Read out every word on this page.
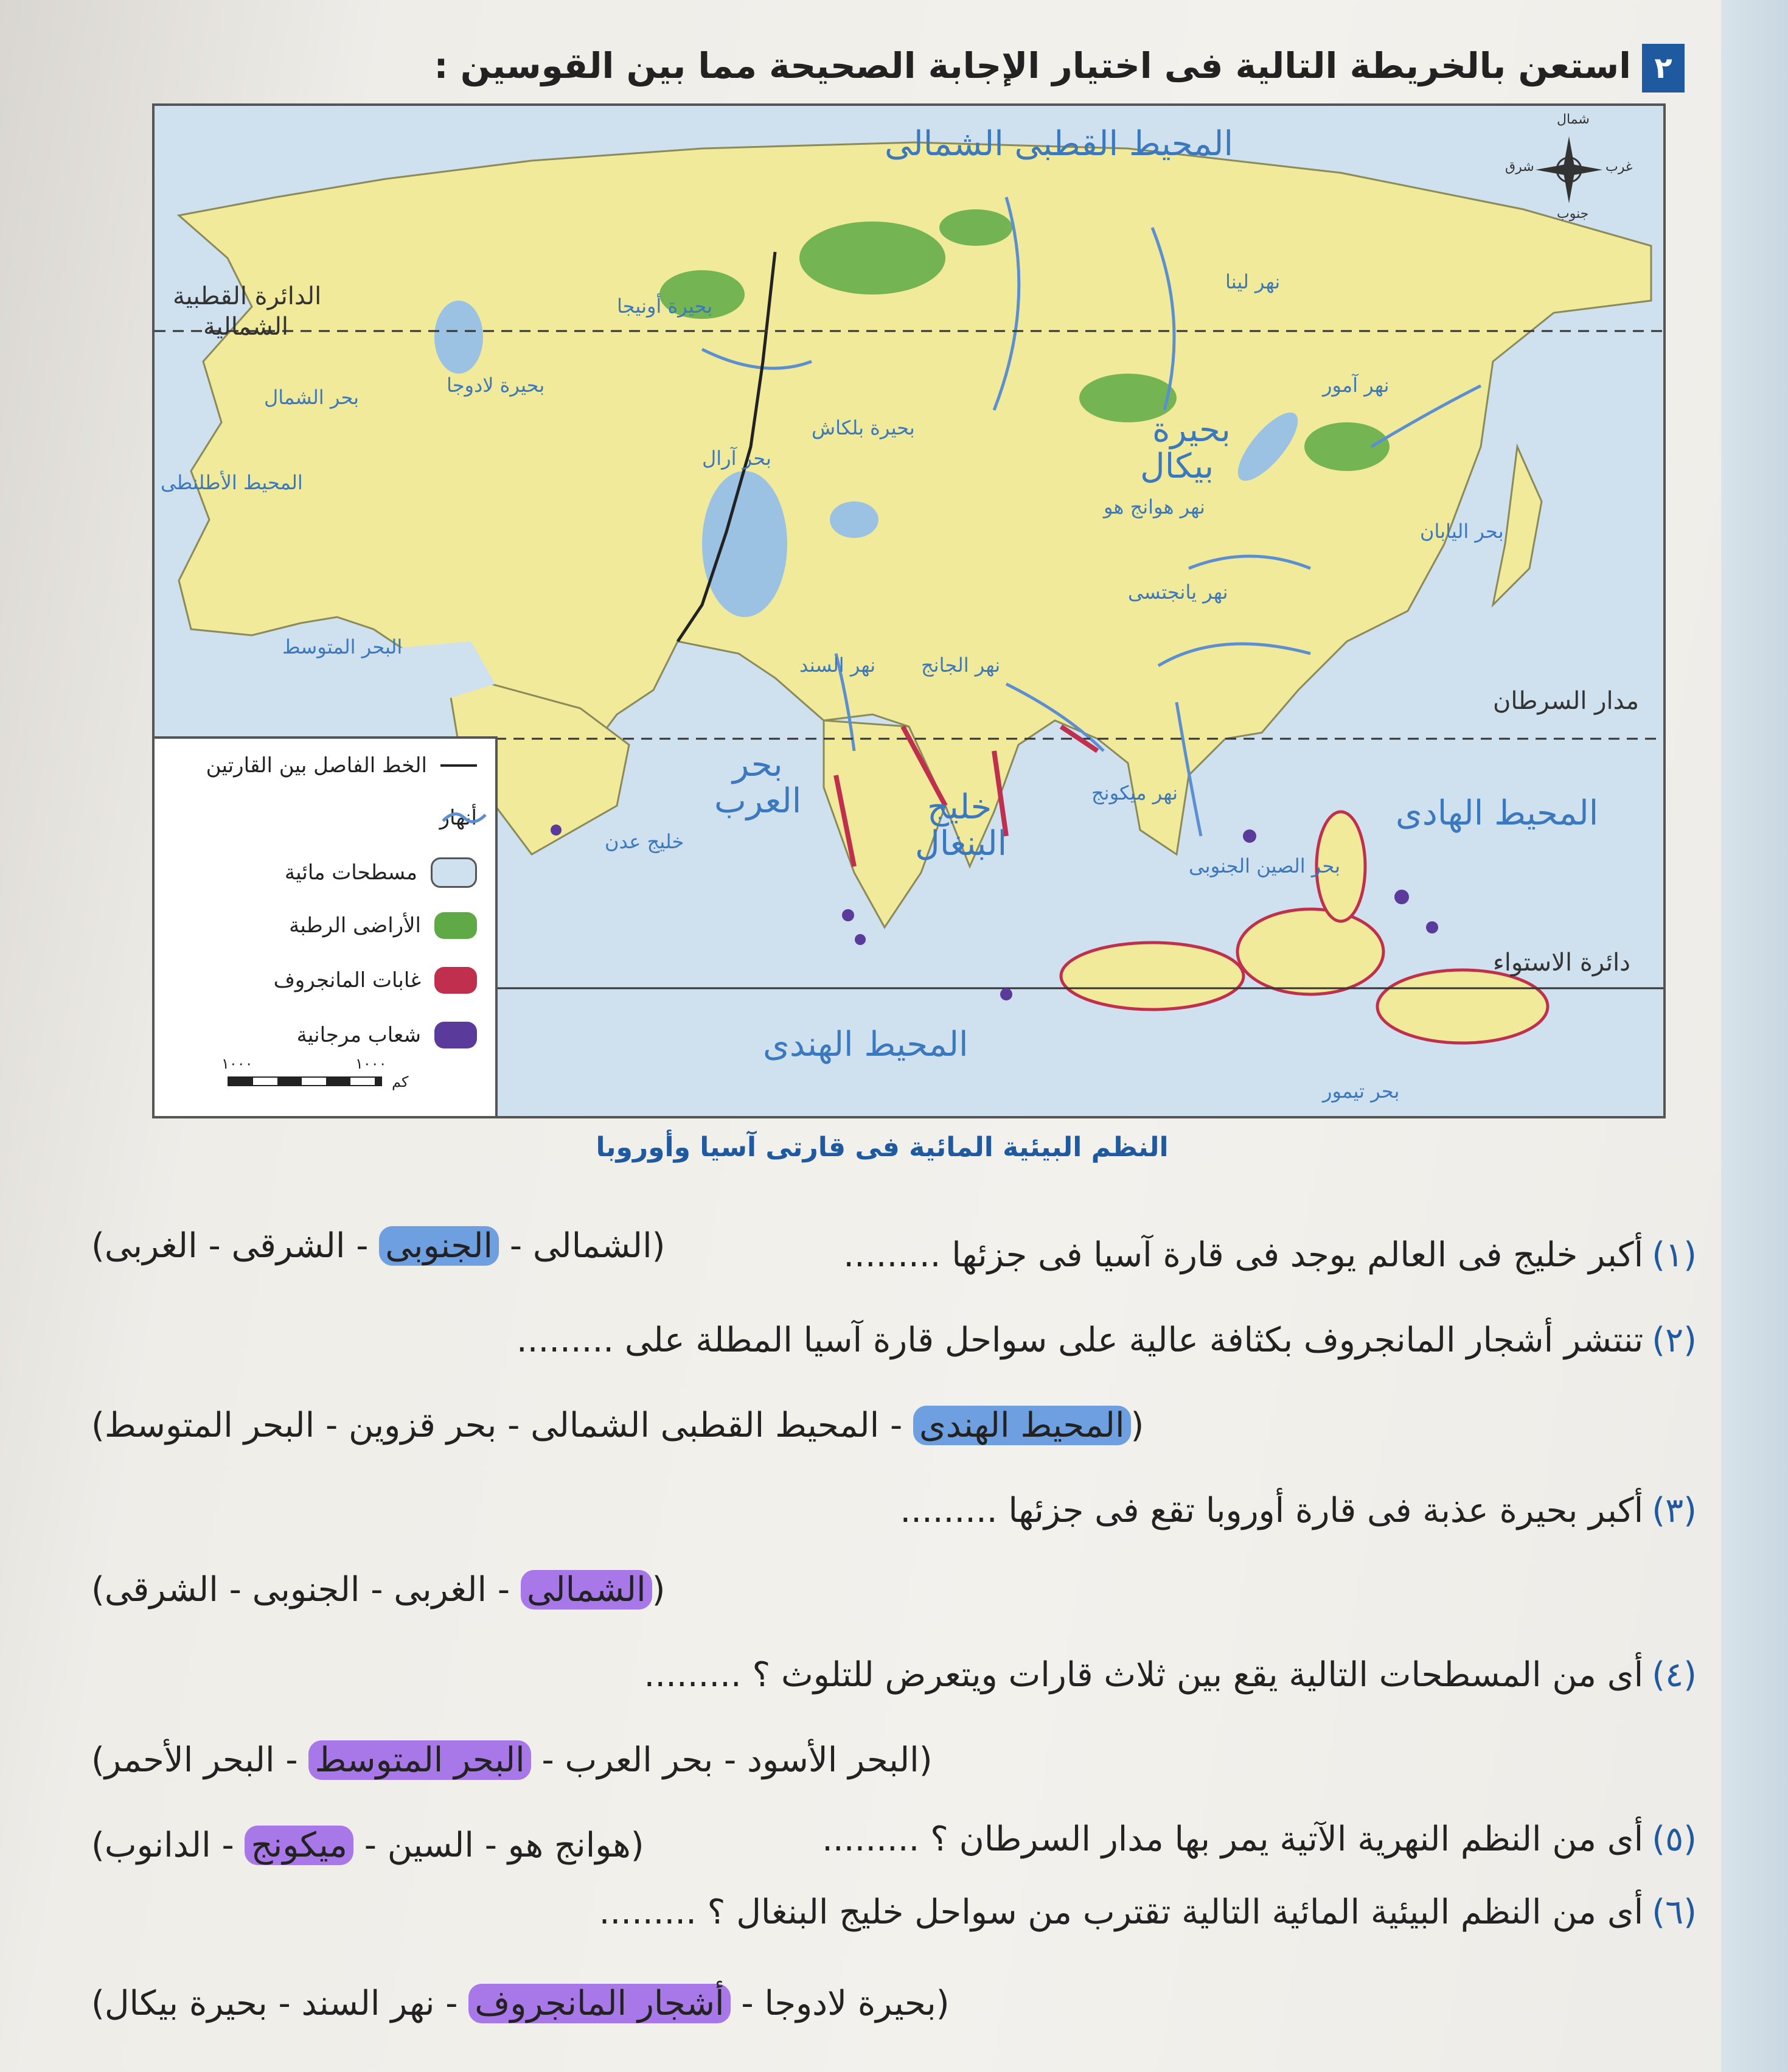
٢استعن بالخريطة التالية فى اختيار الإجابة الصحيحة مما بين القوسين :
المحيط القطبى الشمالى
الدائرة القطبية
الشمالية
مدار السرطان
دائرة الاستواء
المحيط الهادى
المحيط الهندى
بحر
العرب	خليج
البنغال
خليج عدن
بحيرة
بيكال
البحر المتوسط
المحيط الأطلنطى
بحر الشمال
بحيرة لادوجا
بحيرة أونيجا
بحر آرال
بحيرة بلكاش
نهر لينا
نهر آمور
نهر هوانج هو
نهر يانجتسى
نهر الجانج
نهر السند
نهر ميكونج
بحر الصين الجنوبى
بحر اليابان
بحر تيمور
شمال
جنوب
شرق	غرب
الخط الفاصل بين القارتين
أنهار
مسطحات مائية
الأراضى الرطبة
غابات المانجروف
شعاب مرجانية
١٠٠٠	١٠٠٠
كم
النظم البيئية المائية فى قارتى آسيا وأوروبا
(١)أكبر خليج فى العالم يوجد فى قارة آسيا فى جزئها .........
(الشمالى - الجنوبى - الشرقى - الغربى)
(٢)تنتشر أشجار المانجروف بكثافة عالية على سواحل قارة آسيا المطلة على .........
(المحيط الهندى - المحيط القطبى الشمالى - بحر قزوين - البحر المتوسط)
(٣)أكبر بحيرة عذبة فى قارة أوروبا تقع فى جزئها .........
(الشمالى - الغربى - الجنوبى - الشرقى)
(٤)أى من المسطحات التالية يقع بين ثلاث قارات ويتعرض للتلوث ؟ .........
(البحر الأسود - بحر العرب - البحر المتوسط - البحر الأحمر)
(٥)أى من النظم النهرية الآتية يمر بها مدار السرطان ؟ .........
(هوانج هو - السين - ميكونج - الدانوب)
(٦)أى من النظم البيئية المائية التالية تقترب من سواحل خليج البنغال ؟ .........
(بحيرة لادوجا - أشجار المانجروف - نهر السند - بحيرة بيكال)
